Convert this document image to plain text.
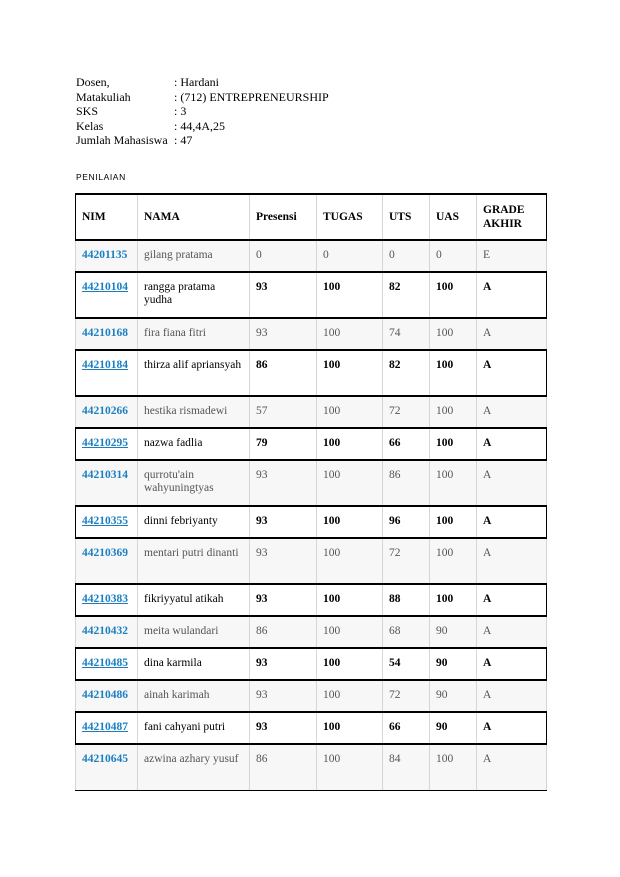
Dosen,	: Hardani
Matakuliah	: (712) ENTREPRENEURSHIP
SKS	: 3
Kelas	: 44,4A,25
Jumlah Mahasiswa : 47
PENILAIAN
NIM	NAMA	Presensi	TUGAS	UTS	UAS	GRADE AKHIR

44201135	gilang pratama	0	0	0	0	E
44210104	rangga pratama yudha	93	100	82	100	A
44210168	fira fiana fitri	93	100	74	100	A
44210184	thirza alif apriansyah	86	100	82	100	A
44210266	hestika rismadewi	57	100	72	100	A
44210295	nazwa fadlia	79	100	66	100	A
44210314	qurrotu'ain wahyuningtyas	93	100	86	100	A
44210355	dinni febriyanty	93	100	96	100	A
44210369	mentari putri dinanti	93	100	72	100	A
44210383	fikriyyatul atikah	93	100	88	100	A
44210432	meita wulandari	86	100	68	90	A
44210485	dina karmila	93	100	54	90	A
44210486	ainah karimah	93	100	72	90	A
44210487	fani cahyani putri	93	100	66	90	A
44210645	azwina azhary yusuf	86	100	84	100	A
